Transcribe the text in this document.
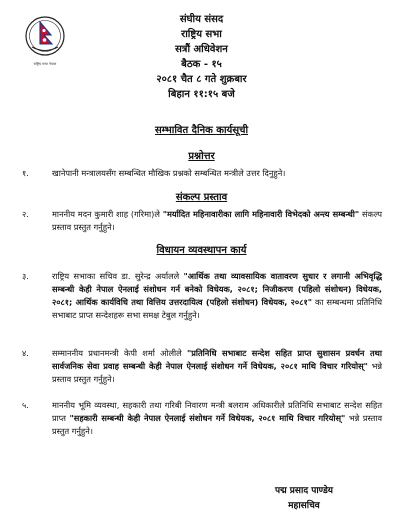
राष्ट्रिय सभा नेपाल
संघीय संसद
राष्ट्रिय सभा
सत्रौं अधिवेशन
बैठक - १५
२०८१ चैत ८ गते शुक्रबार
बिहान ११:१५ बजे
सम्भावित दैनिक कार्यसूची
प्रश्नोत्तर
१.	खानेपानी मन्त्रालयसँग सम्बन्धित मौखिक प्रश्नको सम्बन्धित मन्त्रीले उत्तर दिनुहुने।
संकल्प प्रस्ताव
२.	माननीय मदन कुमारी शाह (गरिमा)ले "मर्यादित महिनावारीका लागि महिनावारी विभेदको अन्त्य सम्बन्धी" संकल्प प्रस्ताव प्रस्तुत गर्नुहुने।
विधायन व्यवस्थापन कार्य
३.	राष्ट्रिय सभाका सचिव डा. सुरेन्द्र अर्यालले "आर्थिक तथा व्यावसायिक वातावरण सुधार र लगानी अभिवृद्धि सम्बन्धी केही नेपाल ऐनलाई संशोधन गर्न बनेको विधेयक, २०८१; निजीकरण (पहिलो संशोधन) विधेयक, २०८१; आर्थिक कार्यविधि तथा वित्तिय उत्तरदायित्व (पहिलो संशोधन) विधेयक, २०८१" का सम्बन्धमा प्रतिनिधि सभाबाट प्राप्त सन्देशहरू सभा समक्ष टेबुल गर्नुहुने।
४.	सम्माननीय प्रधानमन्त्री केपी शर्मा ओलीले "प्रतिनिधि सभाबाट सन्देश सहित प्राप्त सुशासन प्रवर्धन तथा सार्वजनिक सेवा प्रवाह सम्बन्धी केही नेपाल ऐनलाई संशोधन गर्ने विधेयक, २०८१ माथि विचार गरियोस्" भन्ने प्रस्ताव प्रस्तुत गर्नुहुने।
५.	माननीय भूमि व्यवस्था, सहकारी तथा गरिबी निवारण मन्त्री बलराम अधिकारीले प्रतिनिधि सभाबाट सन्देश सहित प्राप्त "सहकारी सम्बन्धी केही नेपाल ऐनलाई संशोधन गर्ने विधेयक, २०८१ माथि विचार गरियोस्" भन्ने प्रस्ताव प्रस्तुत गर्नुहुने।
पद्म प्रसाद पाण्डेय
महासचिव
